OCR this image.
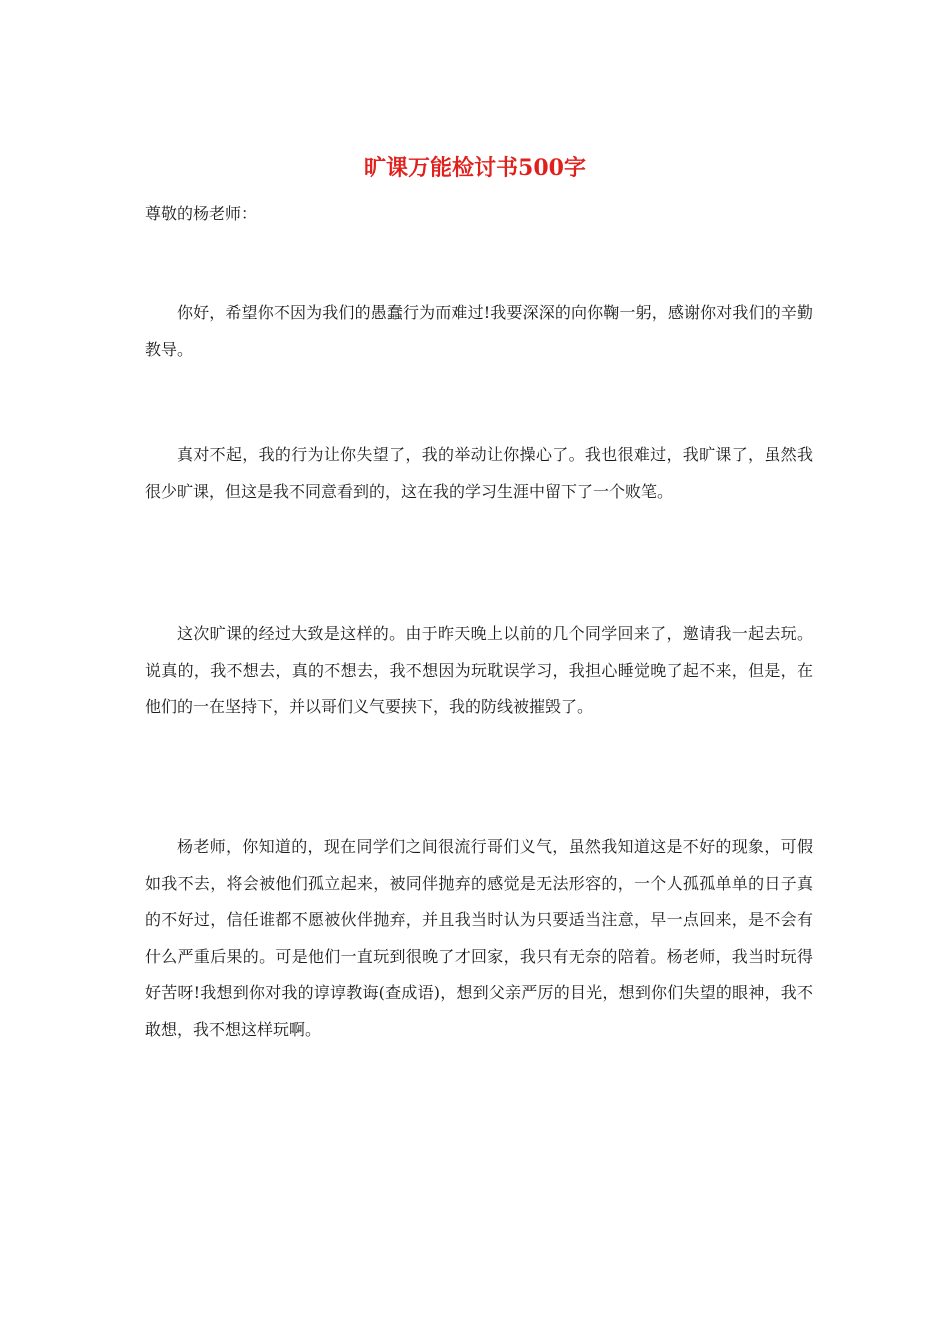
旷课万能检讨书500字

尊敬的杨老师：

你好，希望你不因为我们的愚蠢行为而难过!我要深深的向你鞠一躬，感谢你对我们的辛勤教导。

真对不起，我的行为让你失望了，我的举动让你操心了。我也很难过，我旷课了，虽然我很少旷课，但这是我不同意看到的，这在我的学习生涯中留下了一个败笔。

这次旷课的经过大致是这样的。由于昨天晚上以前的几个同学回来了，邀请我一起去玩。说真的，我不想去，真的不想去，我不想因为玩耽误学习，我担心睡觉晚了起不来，但是，在他们的一在坚持下，并以哥们义气要挟下，我的防线被摧毁了。

杨老师，你知道的，现在同学们之间很流行哥们义气，虽然我知道这是不好的现象，可假如我不去，将会被他们孤立起来，被同伴抛弃的感觉是无法形容的，一个人孤孤单单的日子真的不好过，信任谁都不愿被伙伴抛弃，并且我当时认为只要适当注意，早一点回来，是不会有什么严重后果的。可是他们一直玩到很晚了才回家，我只有无奈的陪着。杨老师，我当时玩得好苦呀!我想到你对我的谆谆教诲(查成语)，想到父亲严厉的目光，想到你们失望的眼神，我不敢想，我不想这样玩啊。
